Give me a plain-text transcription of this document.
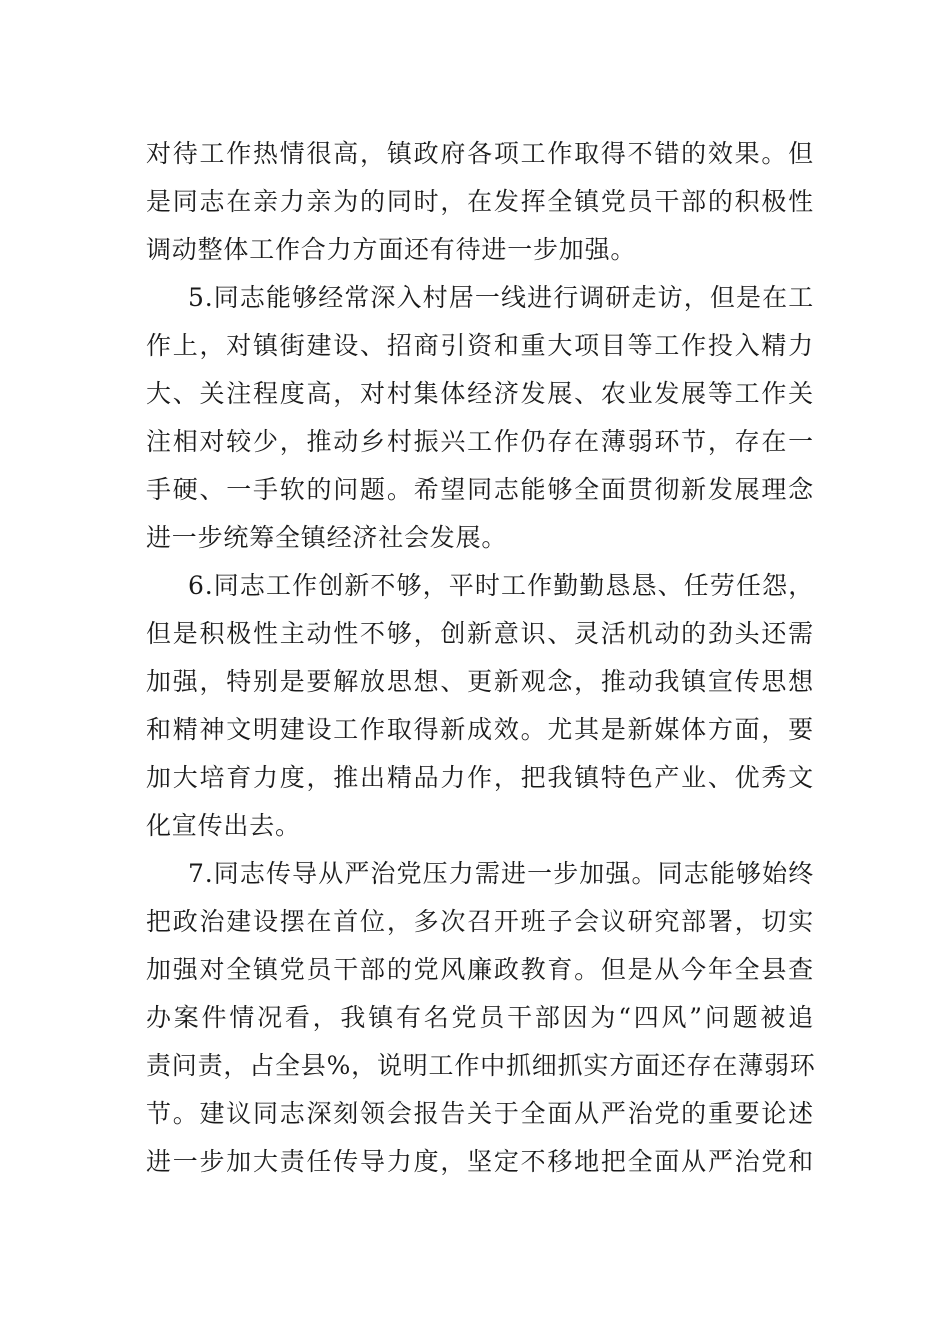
对待工作热情很高，镇政府各项工作取得不错的效果。但
是同志在亲力亲为的同时，在发挥全镇党员干部的积极性
调动整体工作合力方面还有待进一步加强。
5.同志能够经常深入村居一线进行调研走访，但是在工
作上，对镇街建设、招商引资和重大项目等工作投入精力
大、关注程度高，对村集体经济发展、农业发展等工作关
注相对较少，推动乡村振兴工作仍存在薄弱环节，存在一
手硬、一手软的问题。希望同志能够全面贯彻新发展理念
进一步统筹全镇经济社会发展。
6.同志工作创新不够，平时工作勤勤恳恳、任劳任怨，
但是积极性主动性不够，创新意识、灵活机动的劲头还需
加强，特别是要解放思想、更新观念，推动我镇宣传思想
和精神文明建设工作取得新成效。尤其是新媒体方面，要
加大培育力度，推出精品力作，把我镇特色产业、优秀文
化宣传出去。
7.同志传导从严治党压力需进一步加强。同志能够始终
把政治建设摆在首位，多次召开班子会议研究部署，切实
加强对全镇党员干部的党风廉政教育。但是从今年全县查
办案件情况看，我镇有名党员干部因为“四风”问题被追
责问责，占全县%，说明工作中抓细抓实方面还存在薄弱环
节。建议同志深刻领会报告关于全面从严治党的重要论述
进一步加大责任传导力度，坚定不移地把全面从严治党和
